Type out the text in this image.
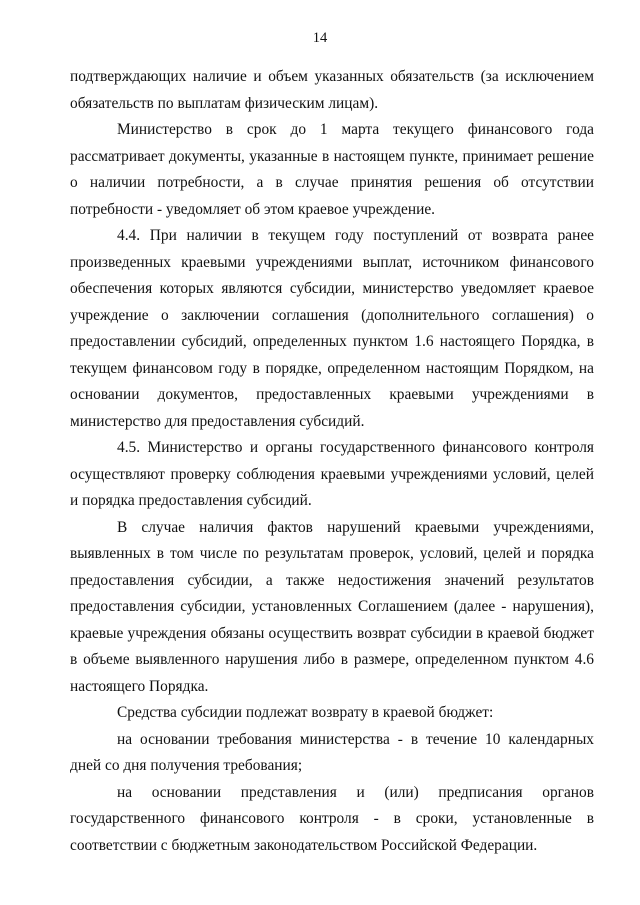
14

подтверждающих наличие и объем указанных обязательств (за исключением обязательств по выплатам физическим лицам).

Министерство в срок до 1 марта текущего финансового года рассматривает документы, указанные в настоящем пункте, принимает решение о наличии потребности, а в случае принятия решения об отсутствии потребности - уведомляет об этом краевое учреждение.

4.4. При наличии в текущем году поступлений от возврата ранее произведенных краевыми учреждениями выплат, источником финансового обеспечения которых являются субсидии, министерство уведомляет краевое учреждение о заключении соглашения (дополнительного соглашения) о предоставлении субсидий, определенных пунктом 1.6 настоящего Порядка, в текущем финансовом году в порядке, определенном настоящим Порядком, на основании документов, предоставленных краевыми учреждениями в министерство для предоставления субсидий.

4.5. Министерство и органы государственного финансового контроля осуществляют проверку соблюдения краевыми учреждениями условий, целей и порядка предоставления субсидий.

В случае наличия фактов нарушений краевыми учреждениями, выявленных в том числе по результатам проверок, условий, целей и порядка предоставления субсидии, а также недостижения значений результатов предоставления субсидии, установленных Соглашением (далее - нарушения), краевые учреждения обязаны осуществить возврат субсидии в краевой бюджет в объеме выявленного нарушения либо в размере, определенном пунктом 4.6 настоящего Порядка.

Средства субсидии подлежат возврату в краевой бюджет:

на основании требования министерства - в течение 10 календарных дней со дня получения требования;

на основании представления и (или) предписания органов государственного финансового контроля - в сроки, установленные в соответствии с бюджетным законодательством Российской Федерации.
